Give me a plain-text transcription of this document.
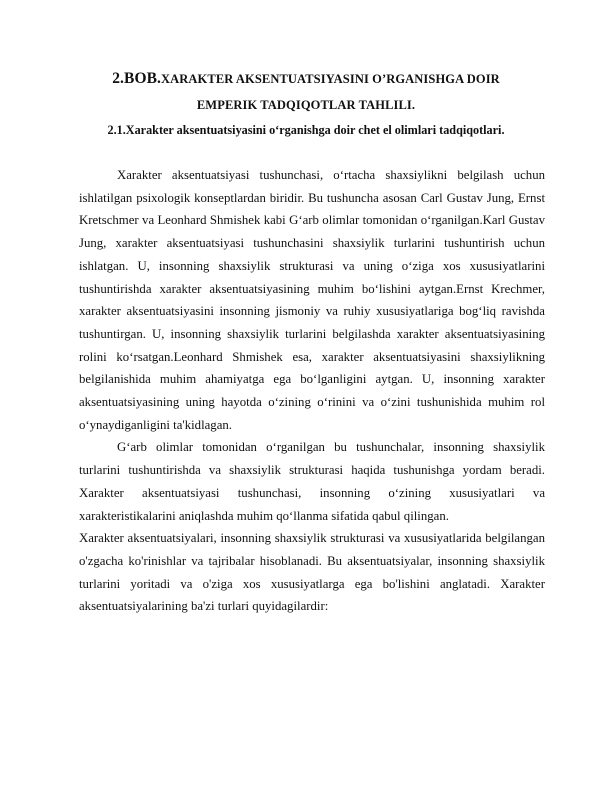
2.BOB.XARAKTER AKSENTUATSIYASINI O’RGANISHGA DOIR
EMPERIK TADQIQOTLAR TAHLILI.
2.1.Xarakter aksentuatsiyasini o‘rganishga doir chet el olimlari tadqiqotlari.

Xarakter aksentuatsiyasi tushunchasi, o‘rtacha shaxsiylikni belgilash uchun ishlatilgan psixologik konseptlardan biridir. Bu tushuncha asosan Carl Gustav Jung, Ernst Kretschmer va Leonhard Shmishek kabi G‘arb olimlar tomonidan o‘rganilgan.Karl Gustav Jung, xarakter aksentuatsiyasi tushunchasini shaxsiylik turlarini tushuntirish uchun ishlatgan. U, insonning shaxsiylik strukturasi va uning o‘ziga xos xususiyatlarini tushuntirishda xarakter aksentuatsiyasining muhim bo‘lishini aytgan.Ernst Krechmer, xarakter aksentuatsiyasini insonning jismoniy va ruhiy xususiyatlariga bog‘liq ravishda tushuntirgan. U, insonning shaxsiylik turlarini belgilashda xarakter aksentuatsiyasining rolini ko‘rsatgan.Leonhard Shmishek esa, xarakter aksentuatsiyasini shaxsiylikning belgilanishida muhim ahamiyatga ega bo‘lganligini aytgan. U, insonning xarakter aksentuatsiyasining uning hayotda o‘zining o‘rinini va o‘zini tushunishida muhim rol o‘ynaydiganligini ta'kidlagan.

G‘arb olimlar tomonidan o‘rganilgan bu tushunchalar, insonning shaxsiylik turlarini tushuntirishda va shaxsiylik strukturasi haqida tushunishga yordam beradi. Xarakter aksentuatsiyasi tushunchasi, insonning o‘zining xususiyatlari va xarakteristikalarini aniqlashda muhim qo‘llanma sifatida qabul qilingan.

Xarakter aksentuatsiyalari, insonning shaxsiylik strukturasi va xususiyatlarida belgilangan o'zgacha ko'rinishlar va tajribalar hisoblanadi. Bu aksentuatsiyalar, insonning shaxsiylik turlarini yoritadi va o'ziga xos xususiyatlarga ega bo'lishini anglatadi. Xarakter aksentuatsiyalarining ba'zi turlari quyidagilardir:
